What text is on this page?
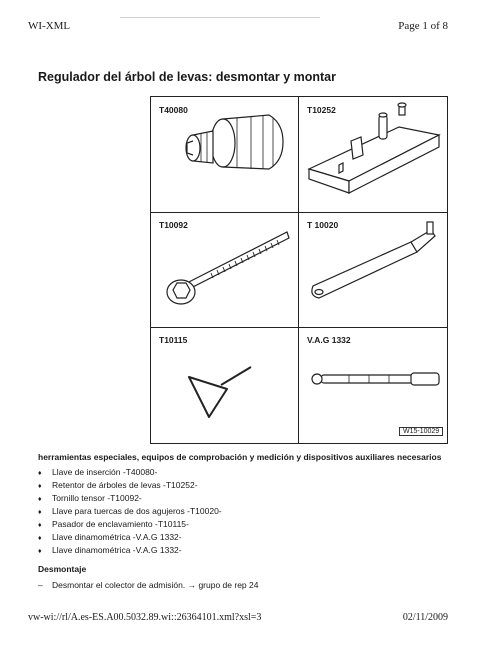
WI-XML	Page 1 of 8
Regulador del árbol de levas: desmontar y montar
T40080	T10252
T10092	T 10020
T10115	V.A.G 1332
W15-10029
herramientas especiales, equipos de comprobación y medición y dispositivos auxiliares necesarios
♦ Llave de inserción -T40080-
♦ Retentor de árboles de levas -T10252-
♦ Tornillo tensor -T10092-
♦ Llave para tuercas de dos agujeros -T10020-
♦ Pasador de enclavamiento -T10115-
♦ Llave dinamométrica -V.A.G 1332-
♦ Llave dinamométrica -V.A.G 1332-
Desmontaje
– Desmontar el colector de admisión. → grupo de rep 24
vw-wi://rl/A.es-ES.A00.5032.89.wi::26364101.xml?xsl=3	02/11/2009
